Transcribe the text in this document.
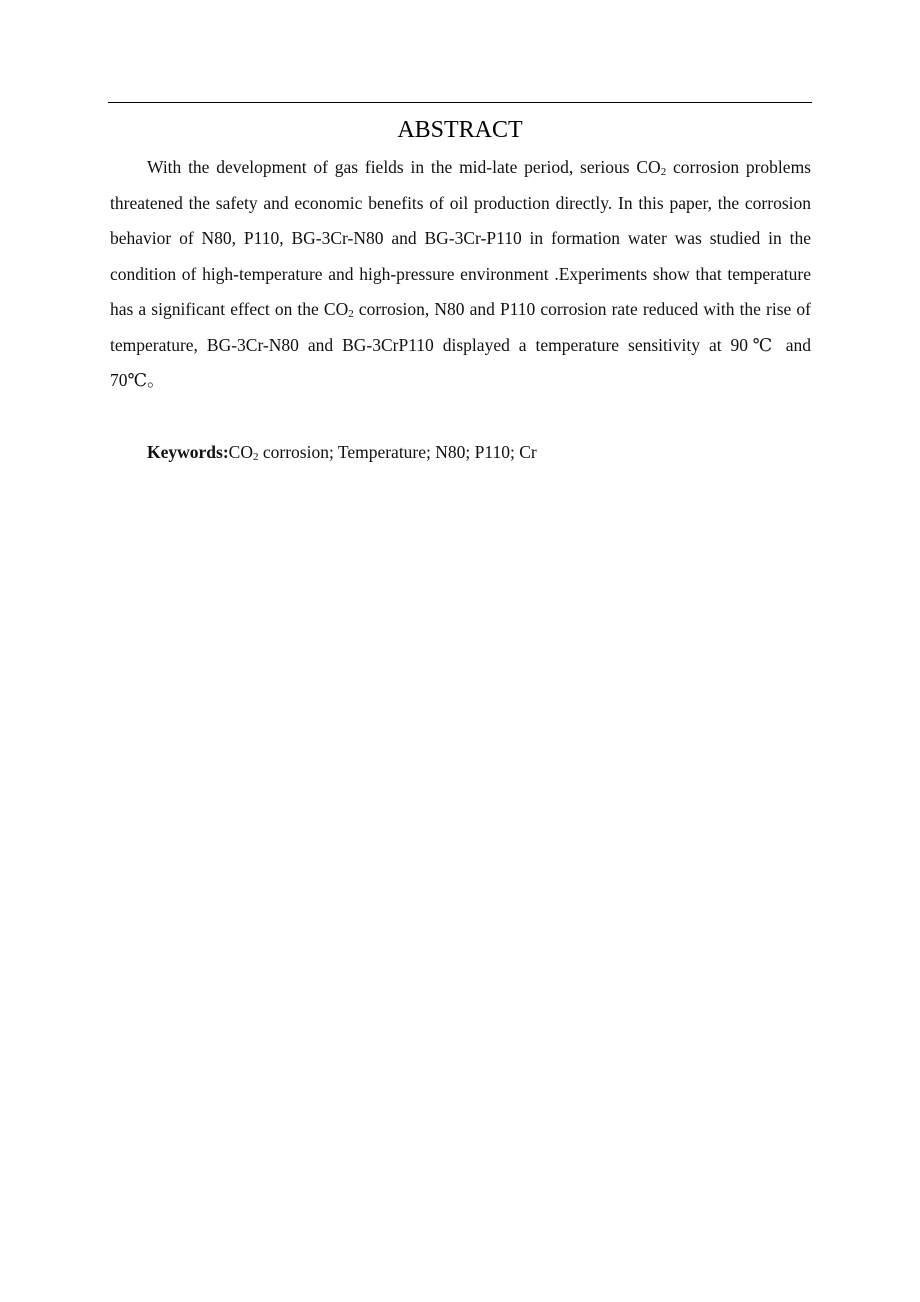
ABSTRACT

With the development of gas fields in the mid-late period, serious $CO_2$ corrosion problems threatened the safety and economic benefits of oil production directly. In this paper, the corrosion behavior of N80, P110, BG-3Cr-N80 and BG-3Cr-P110 in formation water was studied in the condition of high-temperature and high-pressure environment .Experiments show that temperature has a significant effect on the $CO_2$ corrosion, N80 and P110 corrosion rate reduced with the rise of temperature, BG-3Cr-N80 and BG-3CrP110 displayed a temperature sensitivity at 90℃ and 70℃。

$Keywords:CO_2$ corrosion; Temperature; N80; P110; Cr
